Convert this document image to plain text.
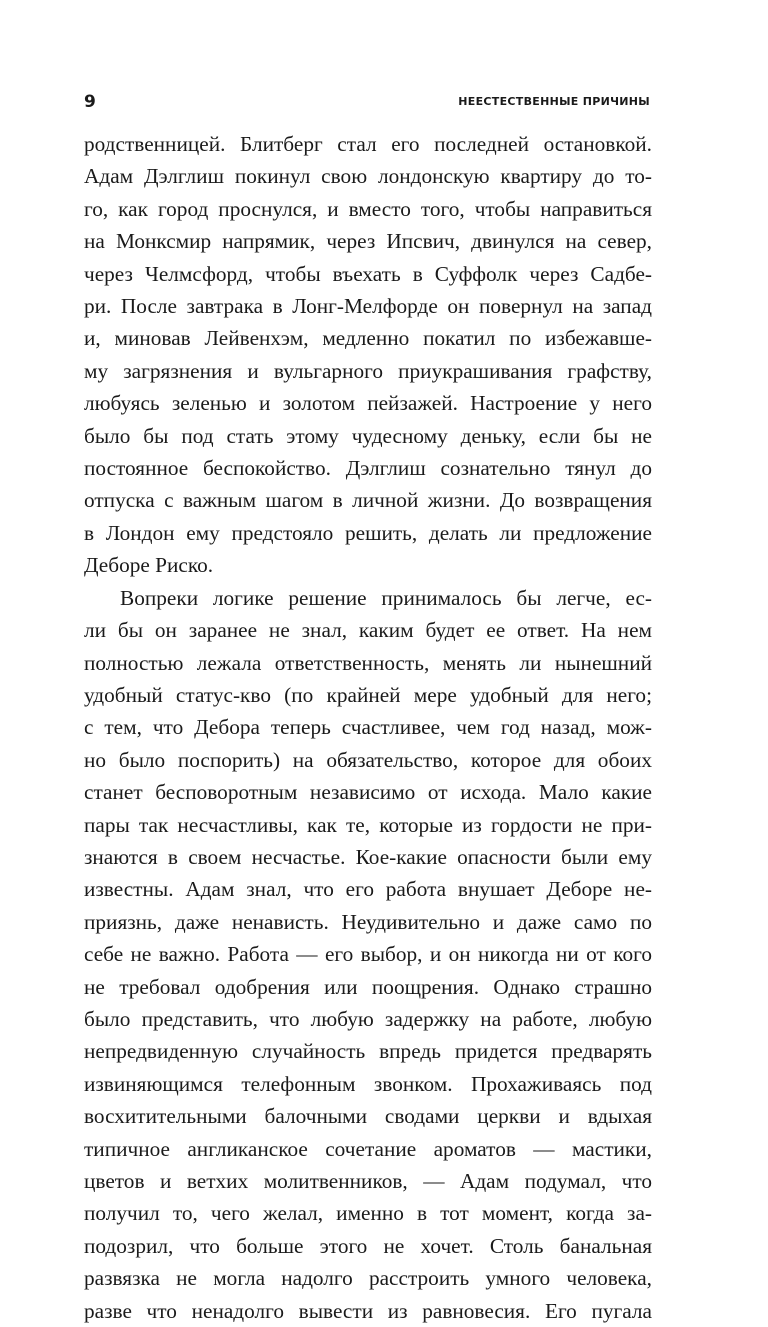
9	НЕЕСТЕСТВЕННЫЕ ПРИЧИНЫ
родственницей. Блитберг стал его последней остановкой.
Адам Дэлглиш покинул свою лондонскую квартиру до то-
го, как город проснулся, и вместо того, чтобы направиться
на Монксмир напрямик, через Ипсвич, двинулся на север,
через Челмсфорд, чтобы въехать в Суффолк через Садбе-
ри. После завтрака в Лонг-Мелфорде он повернул на запад
и, миновав Лейвенхэм, медленно покатил по избежавше-
му загрязнения и вульгарного приукрашивания графству,
любуясь зеленью и золотом пейзажей. Настроение у него
было бы под стать этому чудесному деньку, если бы не
постоянное беспокойство. Дэлглиш сознательно тянул до
отпуска с важным шагом в личной жизни. До возвращения
в Лондон ему предстояло решить, делать ли предложение
Деборе Риско.
Вопреки логике решение принималось бы легче, ес-
ли бы он заранее не знал, каким будет ее ответ. На нем
полностью лежала ответственность, менять ли нынешний
удобный статус-кво (по крайней мере удобный для него;
с тем, что Дебора теперь счастливее, чем год назад, мож-
но было поспорить) на обязательство, которое для обоих
станет бесповоротным независимо от исхода. Мало какие
пары так несчастливы, как те, которые из гордости не при-
знаются в своем несчастье. Кое-какие опасности были ему
известны. Адам знал, что его работа внушает Деборе не-
приязнь, даже ненависть. Неудивительно и даже само по
себе не важно. Работа — его выбор, и он никогда ни от кого
не требовал одобрения или поощрения. Однако страшно
было представить, что любую задержку на работе, любую
непредвиденную случайность впредь придется предварять
извиняющимся телефонным звонком. Прохаживаясь под
восхитительными балочными сводами церкви и вдыхая
типичное англиканское сочетание ароматов — мастики,
цветов и ветхих молитвенников, — Адам подумал, что
получил то, чего желал, именно в тот момент, когда за-
подозрил, что больше этого не хочет. Столь банальная
развязка не могла надолго расстроить умного человека,
разве что ненадолго вывести из равновесия. Его пугала
